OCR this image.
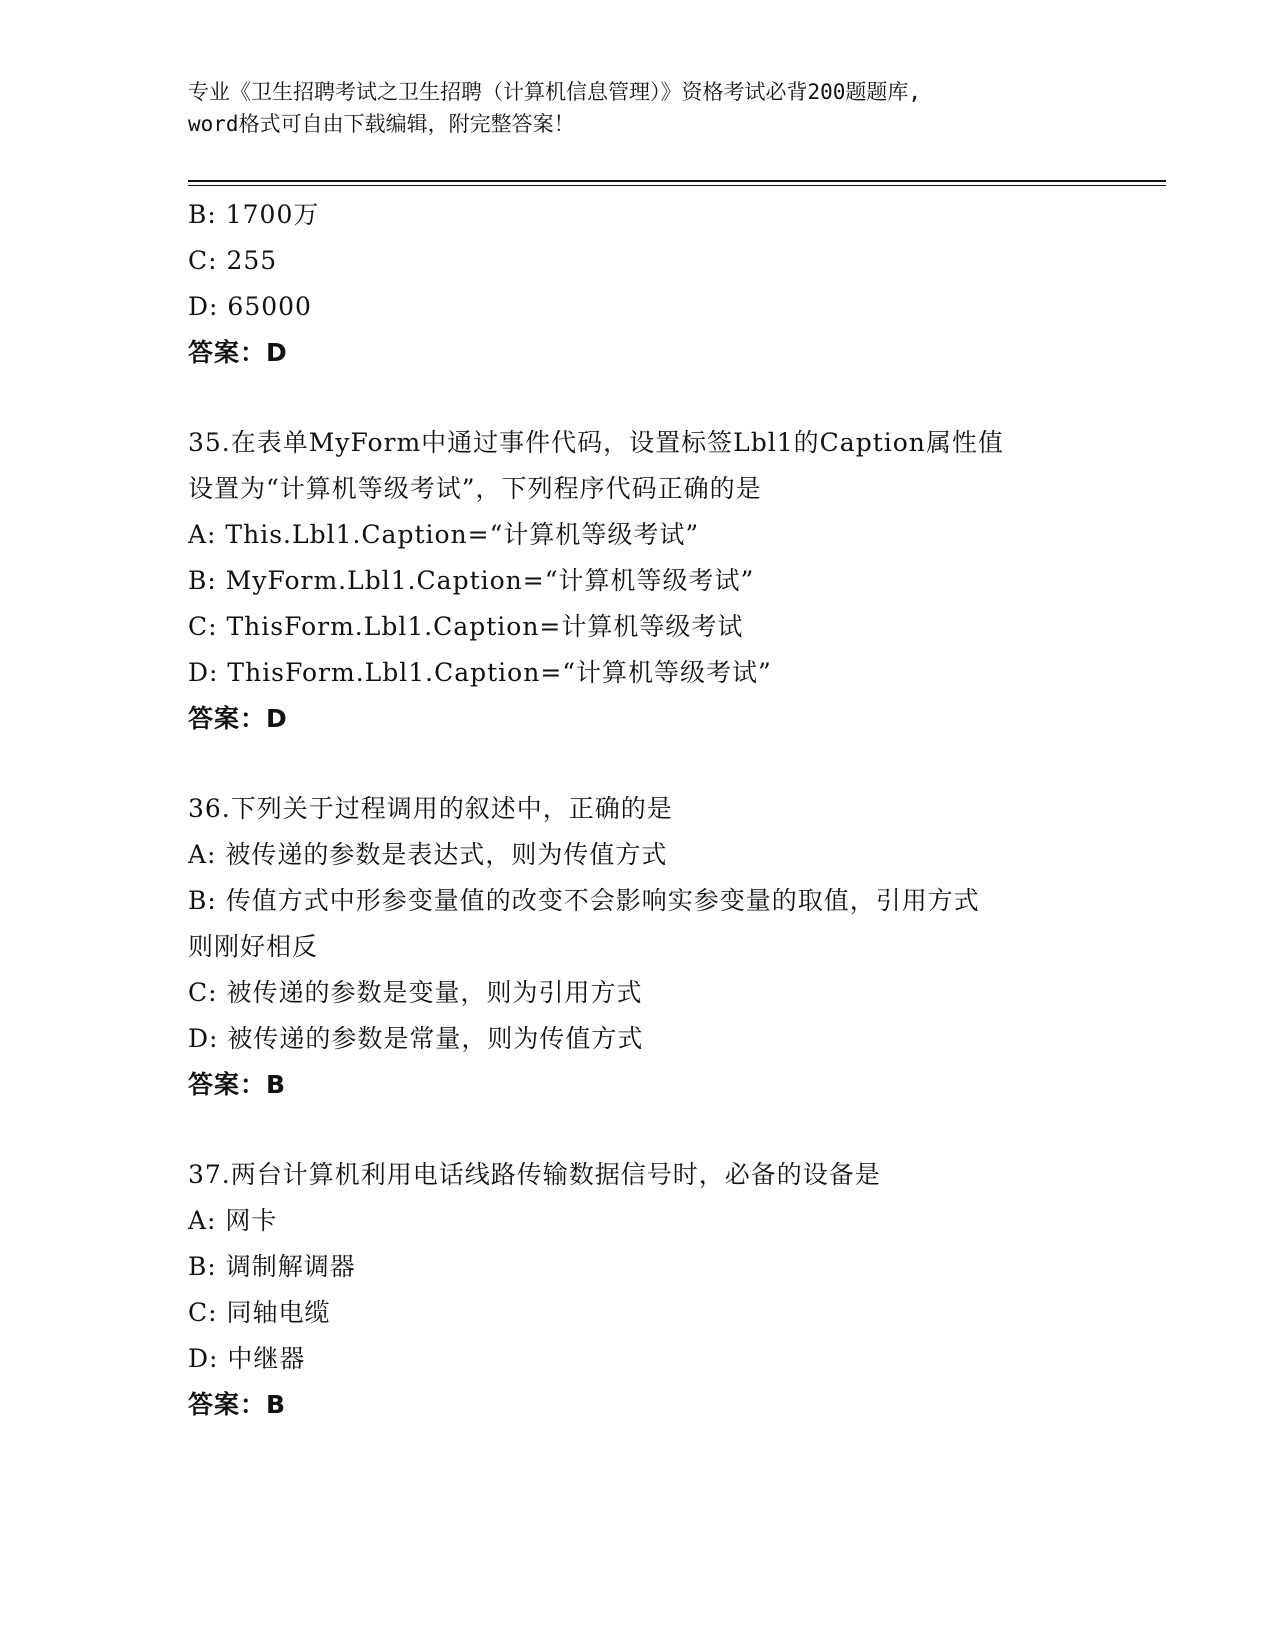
专业《卫生招聘考试之卫生招聘（计算机信息管理）》资格考试必背200题题库,
word格式可自由下载编辑，附完整答案！
B: 1700万
C: 255
D: 65000
答案：D
35.在表单MyForm中通过事件代码，设置标签Lbl1的Caption属性值
设置为“计算机等级考试”，下列程序代码正确的是
A: This.Lbl1.Caption=“计算机等级考试”
B: MyForm.Lbl1.Caption=“计算机等级考试”
C: ThisForm.Lbl1.Caption=计算机等级考试
D: ThisForm.Lbl1.Caption=“计算机等级考试”
答案：D
36.下列关于过程调用的叙述中，正确的是
A: 被传递的参数是表达式，则为传值方式
B: 传值方式中形参变量值的改变不会影响实参变量的取值，引用方式
则刚好相反
C: 被传递的参数是变量，则为引用方式
D: 被传递的参数是常量，则为传值方式
答案：B
37.两台计算机利用电话线路传输数据信号时，必备的设备是
A: 网卡
B: 调制解调器
C: 同轴电缆
D: 中继器
答案：B
